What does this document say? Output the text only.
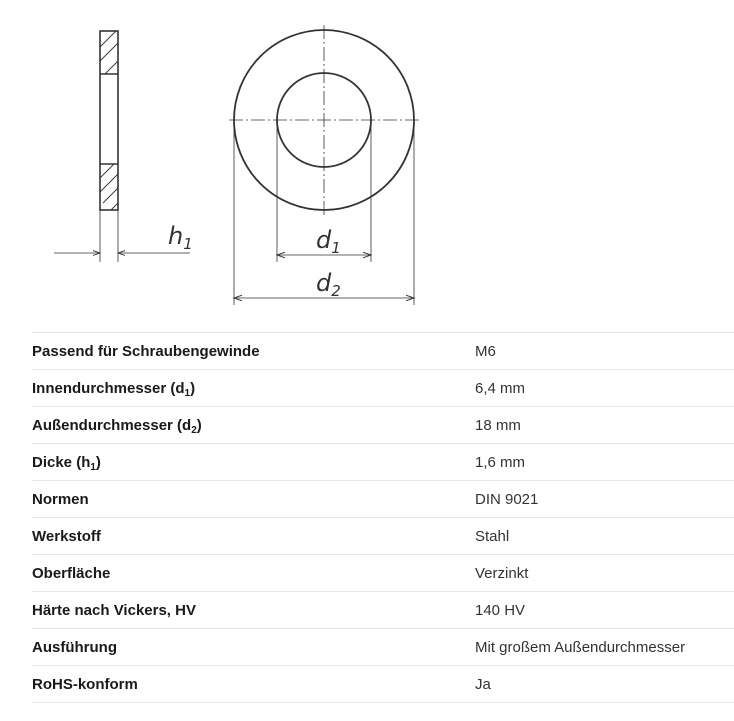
$h_1$	$d_1$
$d_2$
Passend für Schraubengewinde	M6
Innendurchmesser $(d_1)$	6,4 mm
Außendurchmesser $(d_2)$	18 mm
Dicke $(h_1)$	1,6 mm
Normen	DIN 9021
Werkstoff	Stahl
Oberfläche	Verzinkt
Härte nach Vickers, HV	140 HV
Ausführung	Mit großem Außendurchmesser
RoHS-konform	Ja
